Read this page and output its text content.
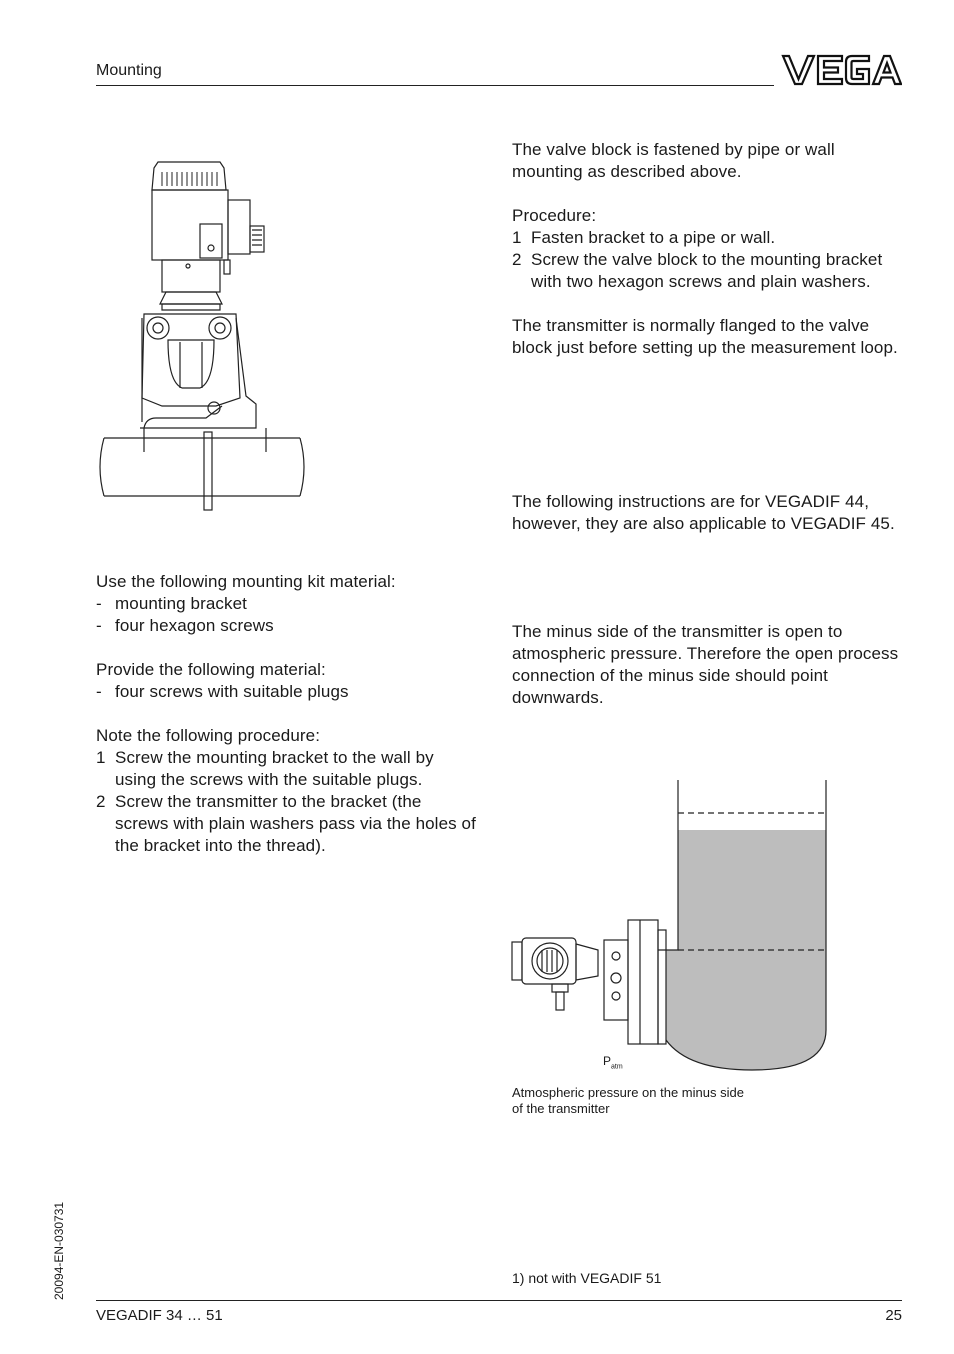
Mounting

Use the following mounting kit material:

- mounting bracket
- four hexagon screws

Provide the following material:

- four screws with suitable plugs

Note the following procedure:

1 Screw the mounting bracket to the wall by using the screws with the suitable plugs.
2 Screw the transmitter to the bracket (the screws with plain washers pass via the holes of the bracket into the thread).

The valve block is fastened by pipe or wall mounting as described above.

Procedure:

1 Fasten bracket to a pipe or wall.
2 Screw the valve block to the mounting bracket with two hexagon screws and plain washers.

The transmitter is normally flanged to the valve block just before setting up the measurement loop.

The following instructions are for VEGADIF 44, however, they are also applicable to VEGADIF 45.
The minus side of the transmitter is open to atmospheric pressure. Therefore the open process connection of the minus side should point downwards.
$P_{atm}$
Atmospheric pressure on the minus side of the transmitter
1) not with VEGADIF 51
20094-EN-030731
VEGADIF 34 … 51	25
